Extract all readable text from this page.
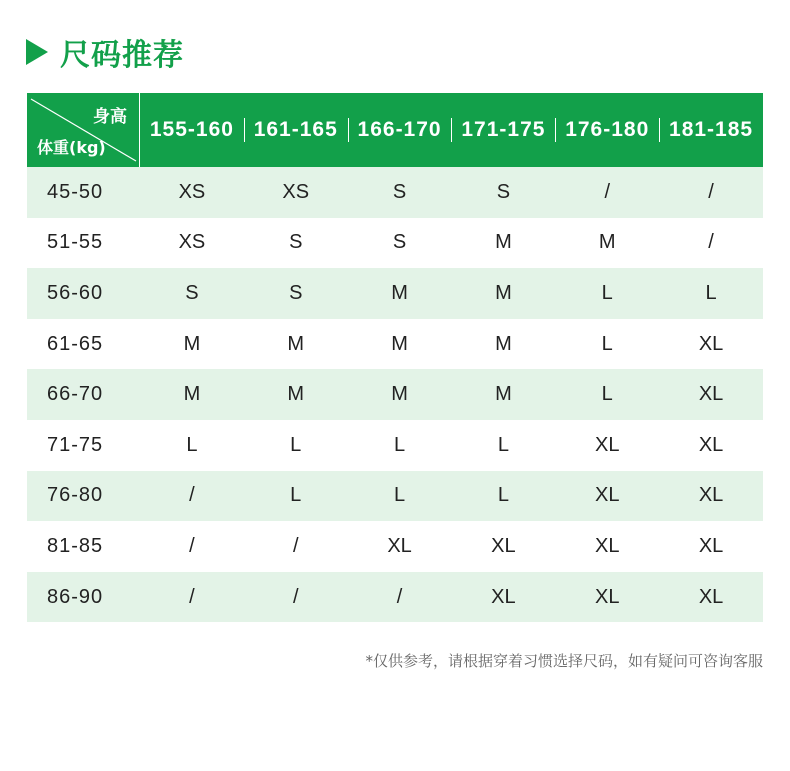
尺码推荐
身高
体重(kg)
155-160 161-165 166-170 171-175 176-180 181-185
45-50	XS	XS	S	S	/	/
51-55	XS	S	S	M	M	/
56-60	S	S	M	M	L	L
61-65	M	M	M	M	L	XL
66-70	M	M	M	M	L	XL
71-75	L	L	L	L	XL	XL
76-80	/	L	L	L	XL	XL
81-85	/	/	XL	XL	XL	XL
86-90	/	/	/	XL	XL	XL
*仅供参考，请根据穿着习惯选择尺码，如有疑问可咨询客服
